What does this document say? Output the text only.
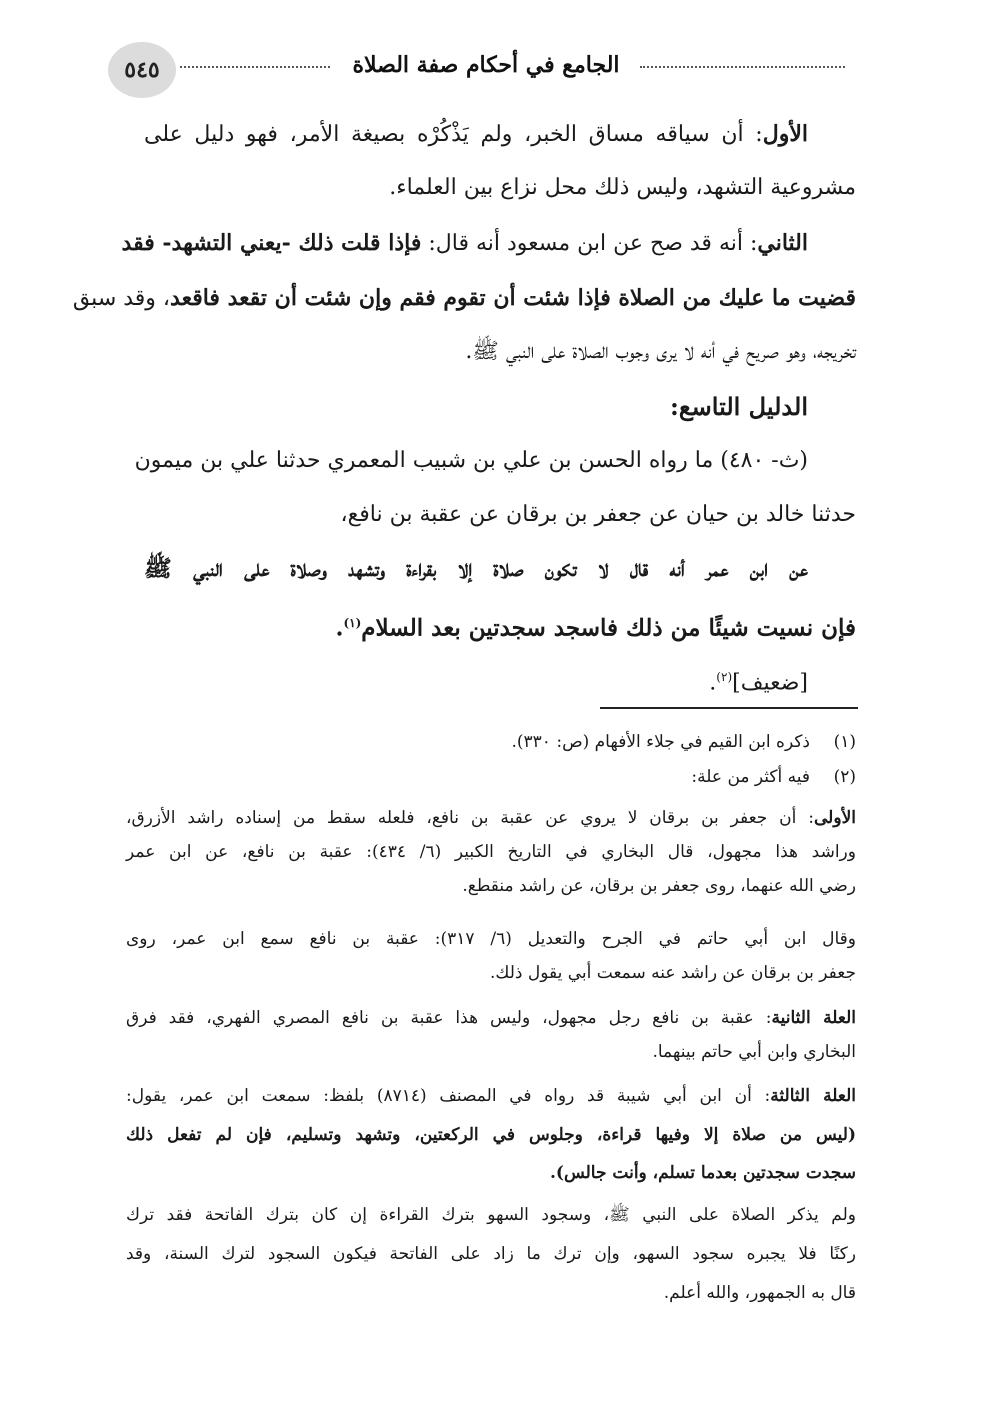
٥٤٥	الجامع في أحكام صفة الصلاة
الأول: أن سياقه مساق الخبر، ولم يَذْكُرْه بصيغة الأمر، فهو دليل على
مشروعية التشهد، وليس ذلك محل نزاع بين العلماء.
الثاني: أنه قد صح عن ابن مسعود أنه قال: فإذا قلت ذلك -يعني التشهد- فقد
قضيت ما عليك من الصلاة فإذا شئت أن تقوم فقم وإن شئت أن تقعد فاقعد، وقد سبق
تخريجه، وهو صريح في أنه لا يرى وجوب الصلاة على النبي ﷺ.
الدليل التاسع:
(ث- ٤٨٠) ما رواه الحسن بن علي بن شبيب المعمري حدثنا علي بن ميمون
حدثنا خالد بن حيان عن جعفر بن برقان عن عقبة بن نافع،
عن ابن عمر أنه قال لا تكون صلاة إلا بقراءة وتشهد وصلاة على النبي ﷺ
فإن نسيت شيئًا من ذلك فاسجد سجدتين بعد السلام$^{(١)}$.
[ضعيف]$^{(٢)}$.
(١)ذكره ابن القيم في جلاء الأفهام (ص: ٣٣٠).
(٢)فيه أكثر من علة:
الأولى: أن جعفر بن برقان لا يروي عن عقبة بن نافع، فلعله سقط من إسناده راشد الأزرق،
وراشد هذا مجهول، قال البخاري في التاريخ الكبير (٦/ ٤٣٤): عقبة بن نافع، عن ابن عمر
رضي الله عنهما، روى جعفر بن برقان، عن راشد منقطع.
وقال ابن أبي حاتم في الجرح والتعديل (٦/ ٣١٧): عقبة بن نافع سمع ابن عمر، روى
جعفر بن برقان عن راشد عنه سمعت أبي يقول ذلك.
العلة الثانية: عقبة بن نافع رجل مجهول، وليس هذا عقبة بن نافع المصري الفهري، فقد فرق
البخاري وابن أبي حاتم بينهما.
العلة الثالثة: أن ابن أبي شيبة قد رواه في المصنف (٨٧١٤) بلفظ: سمعت ابن عمر، يقول:
(ليس من صلاة إلا وفيها قراءة، وجلوس في الركعتين، وتشهد وتسليم، فإن لم تفعل ذلك
سجدت سجدتين بعدما تسلم، وأنت جالس).
ولم يذكر الصلاة على النبي ﷺ، وسجود السهو بترك القراءة إن كان بترك الفاتحة فقد ترك
ركنًا فلا يجبره سجود السهو، وإن ترك ما زاد على الفاتحة فيكون السجود لترك السنة، وقد
قال به الجمهور، والله أعلم.
